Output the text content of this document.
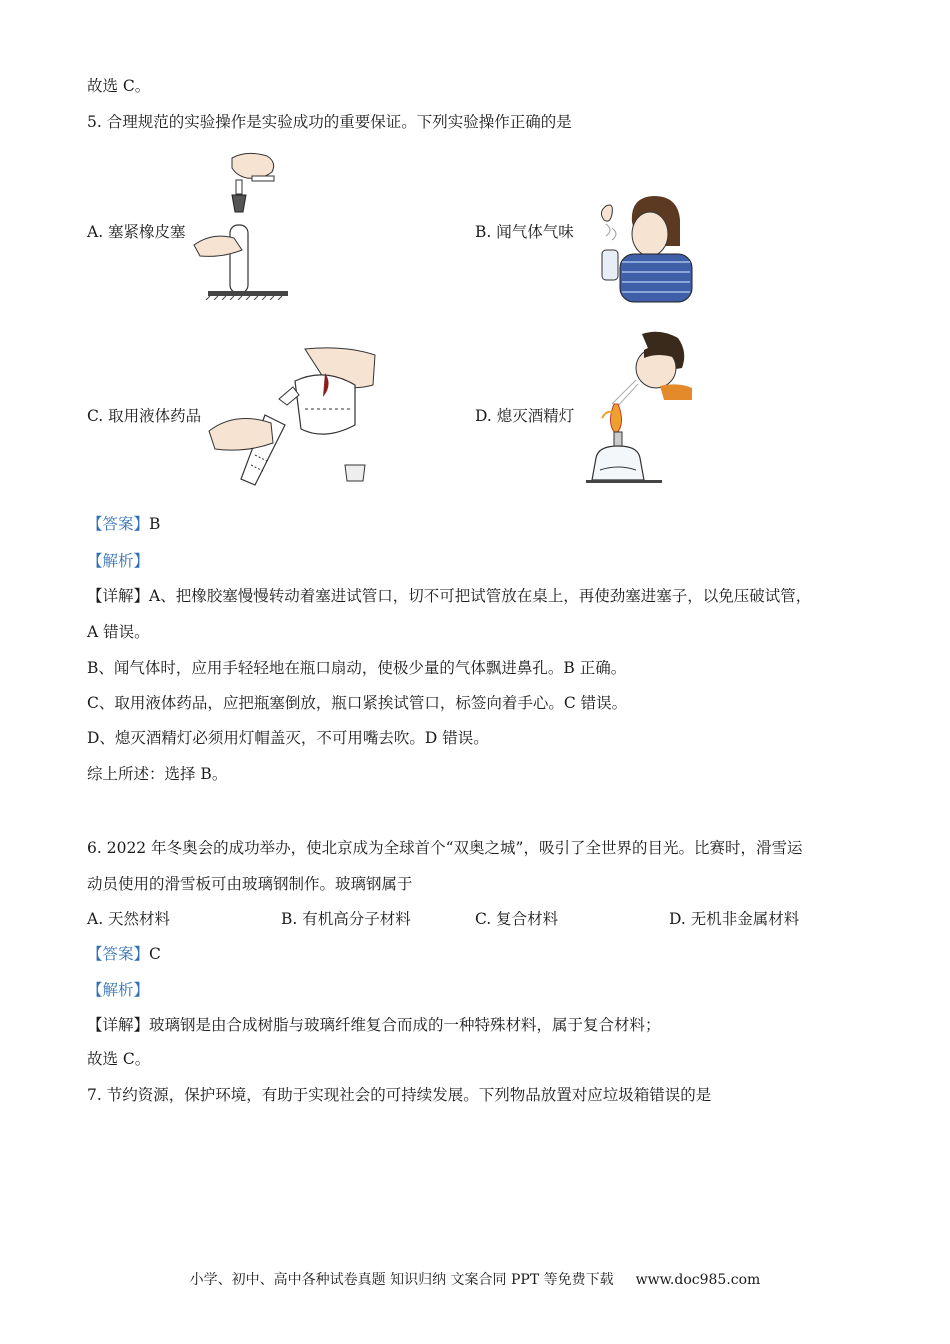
故选 C。
5. 合理规范的实验操作是实验成功的重要保证。下列实验操作正确的是
A. 塞紧橡皮塞	B. 闻气体气味
C. 取用液体药品	D. 熄灭酒精灯
【答案】B
【解析】
【详解】A、把橡胶塞慢慢转动着塞进试管口，切不可把试管放在桌上，再使劲塞进塞子，以免压破试管，
A 错误。
B、闻气体时，应用手轻轻地在瓶口扇动，使极少量的气体飘进鼻孔。B 正确。
C、取用液体药品，应把瓶塞倒放，瓶口紧挨试管口，标签向着手心。C 错误。
D、熄灭酒精灯必须用灯帽盖灭，不可用嘴去吹。D 错误。
综上所述：选择 B。
6. 2022 年冬奥会的成功举办，使北京成为全球首个“双奥之城”，吸引了全世界的目光。比赛时，滑雪运
动员使用的滑雪板可由玻璃钢制作。玻璃钢属于
A. 天然材料	B. 有机高分子材料	C. 复合材料	D. 无机非金属材料
【答案】C
【解析】
【详解】玻璃钢是由合成树脂与玻璃纤维复合而成的一种特殊材料，属于复合材料；
故选 C。
7. 节约资源，保护环境，有助于实现社会的可持续发展。下列物品放置对应垃圾箱错误的是
小学、初中、高中各种试卷真题 知识归纳 文案合同 PPT 等免费下载 www.doc985.com
